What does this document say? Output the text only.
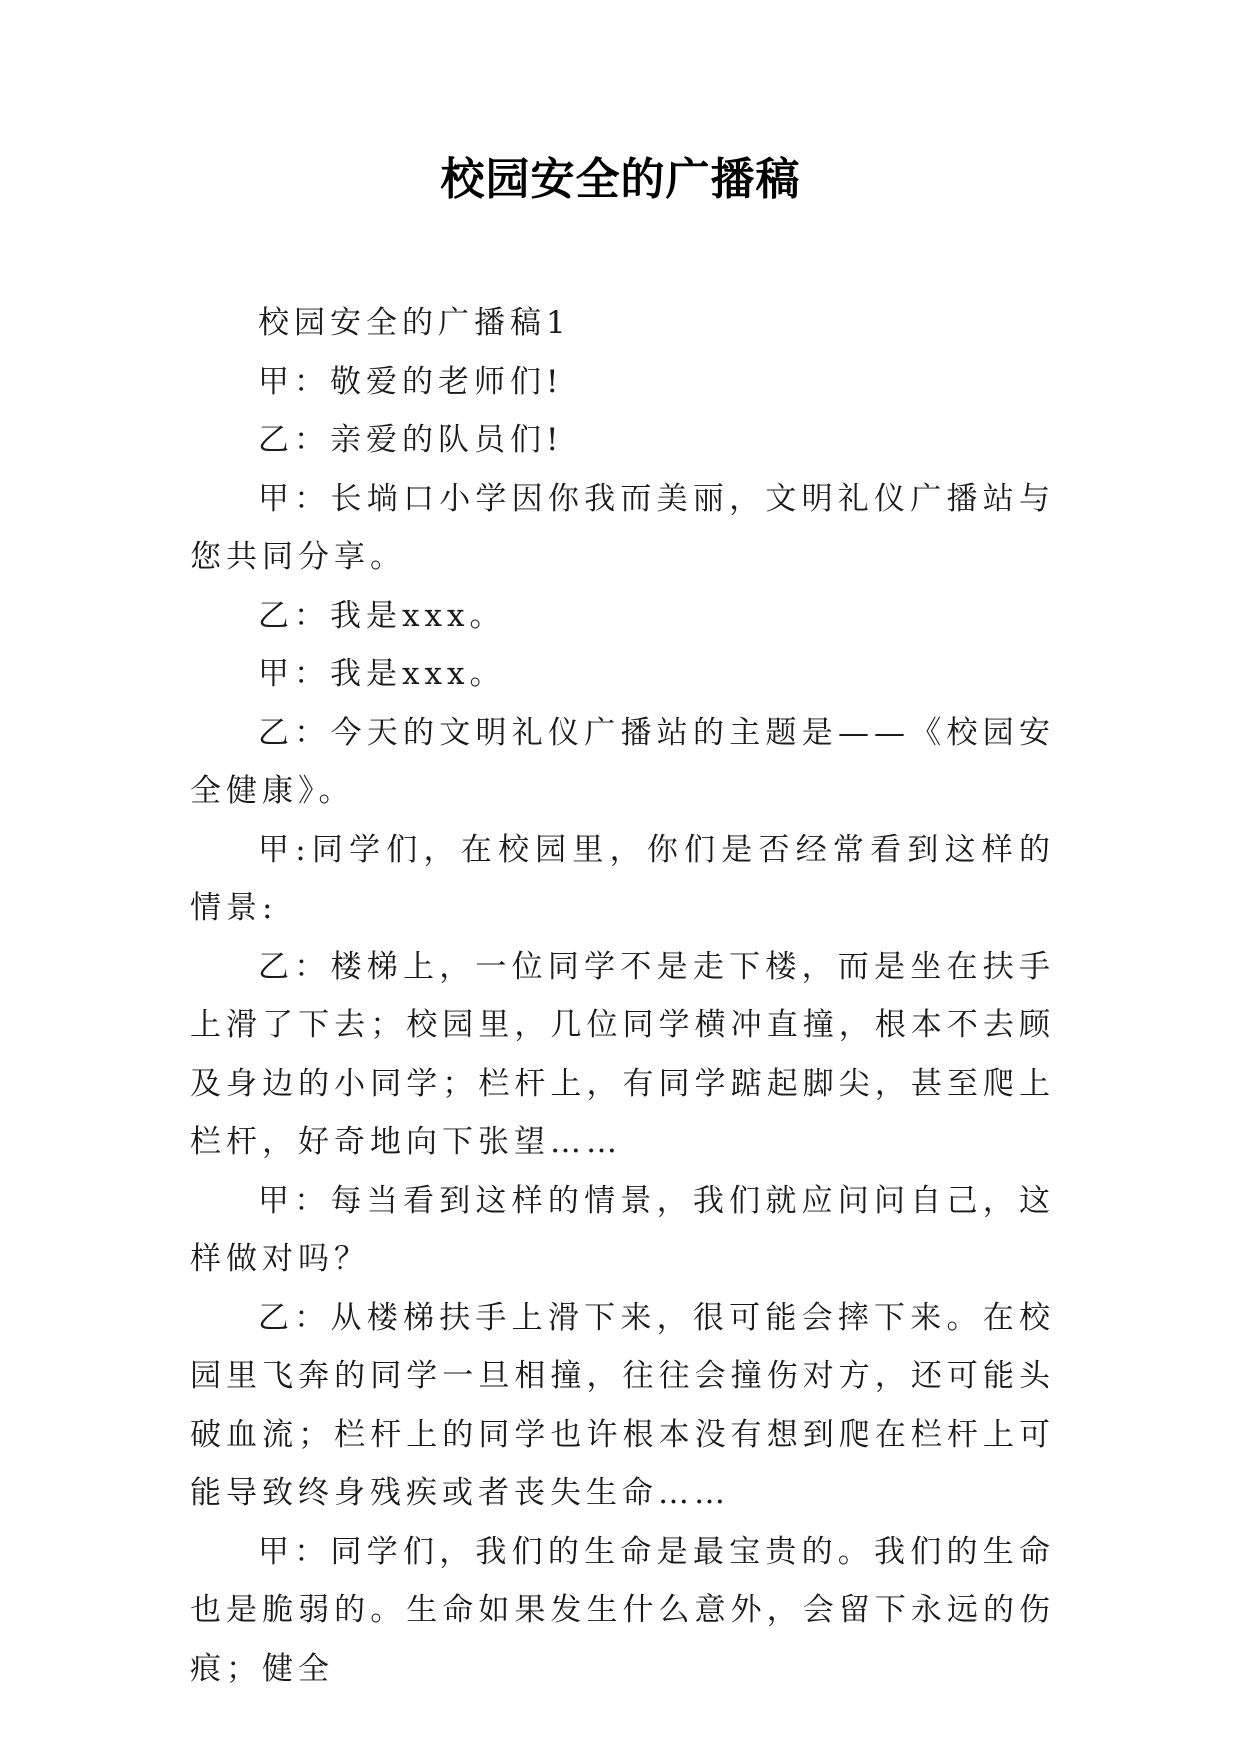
校园安全的广播稿

校园安全的广播稿1

甲：敬爱的老师们!

乙：亲爱的队员们!

甲：长埫口小学因你我而美丽，文明礼仪广播站与您共同分享。

乙：我是xxx。

甲：我是xxx。

乙：今天的文明礼仪广播站的主题是——《校园安全健康》。

甲:同学们，在校园里，你们是否经常看到这样的情景:

乙：楼梯上，一位同学不是走下楼，而是坐在扶手上滑了下去；校园里，几位同学横冲直撞，根本不去顾及身边的小同学；栏杆上，有同学踮起脚尖，甚至爬上栏杆，好奇地向下张望……

甲：每当看到这样的情景，我们就应问问自己，这样做对吗？

乙：从楼梯扶手上滑下来，很可能会摔下来。在校园里飞奔的同学一旦相撞，往往会撞伤对方，还可能头破血流；栏杆上的同学也许根本没有想到爬在栏杆上可能导致终身残疾或者丧失生命……

甲：同学们，我们的生命是最宝贵的。我们的生命也是脆弱的。生命如果发生什么意外，会留下永远的伤痕；健全
